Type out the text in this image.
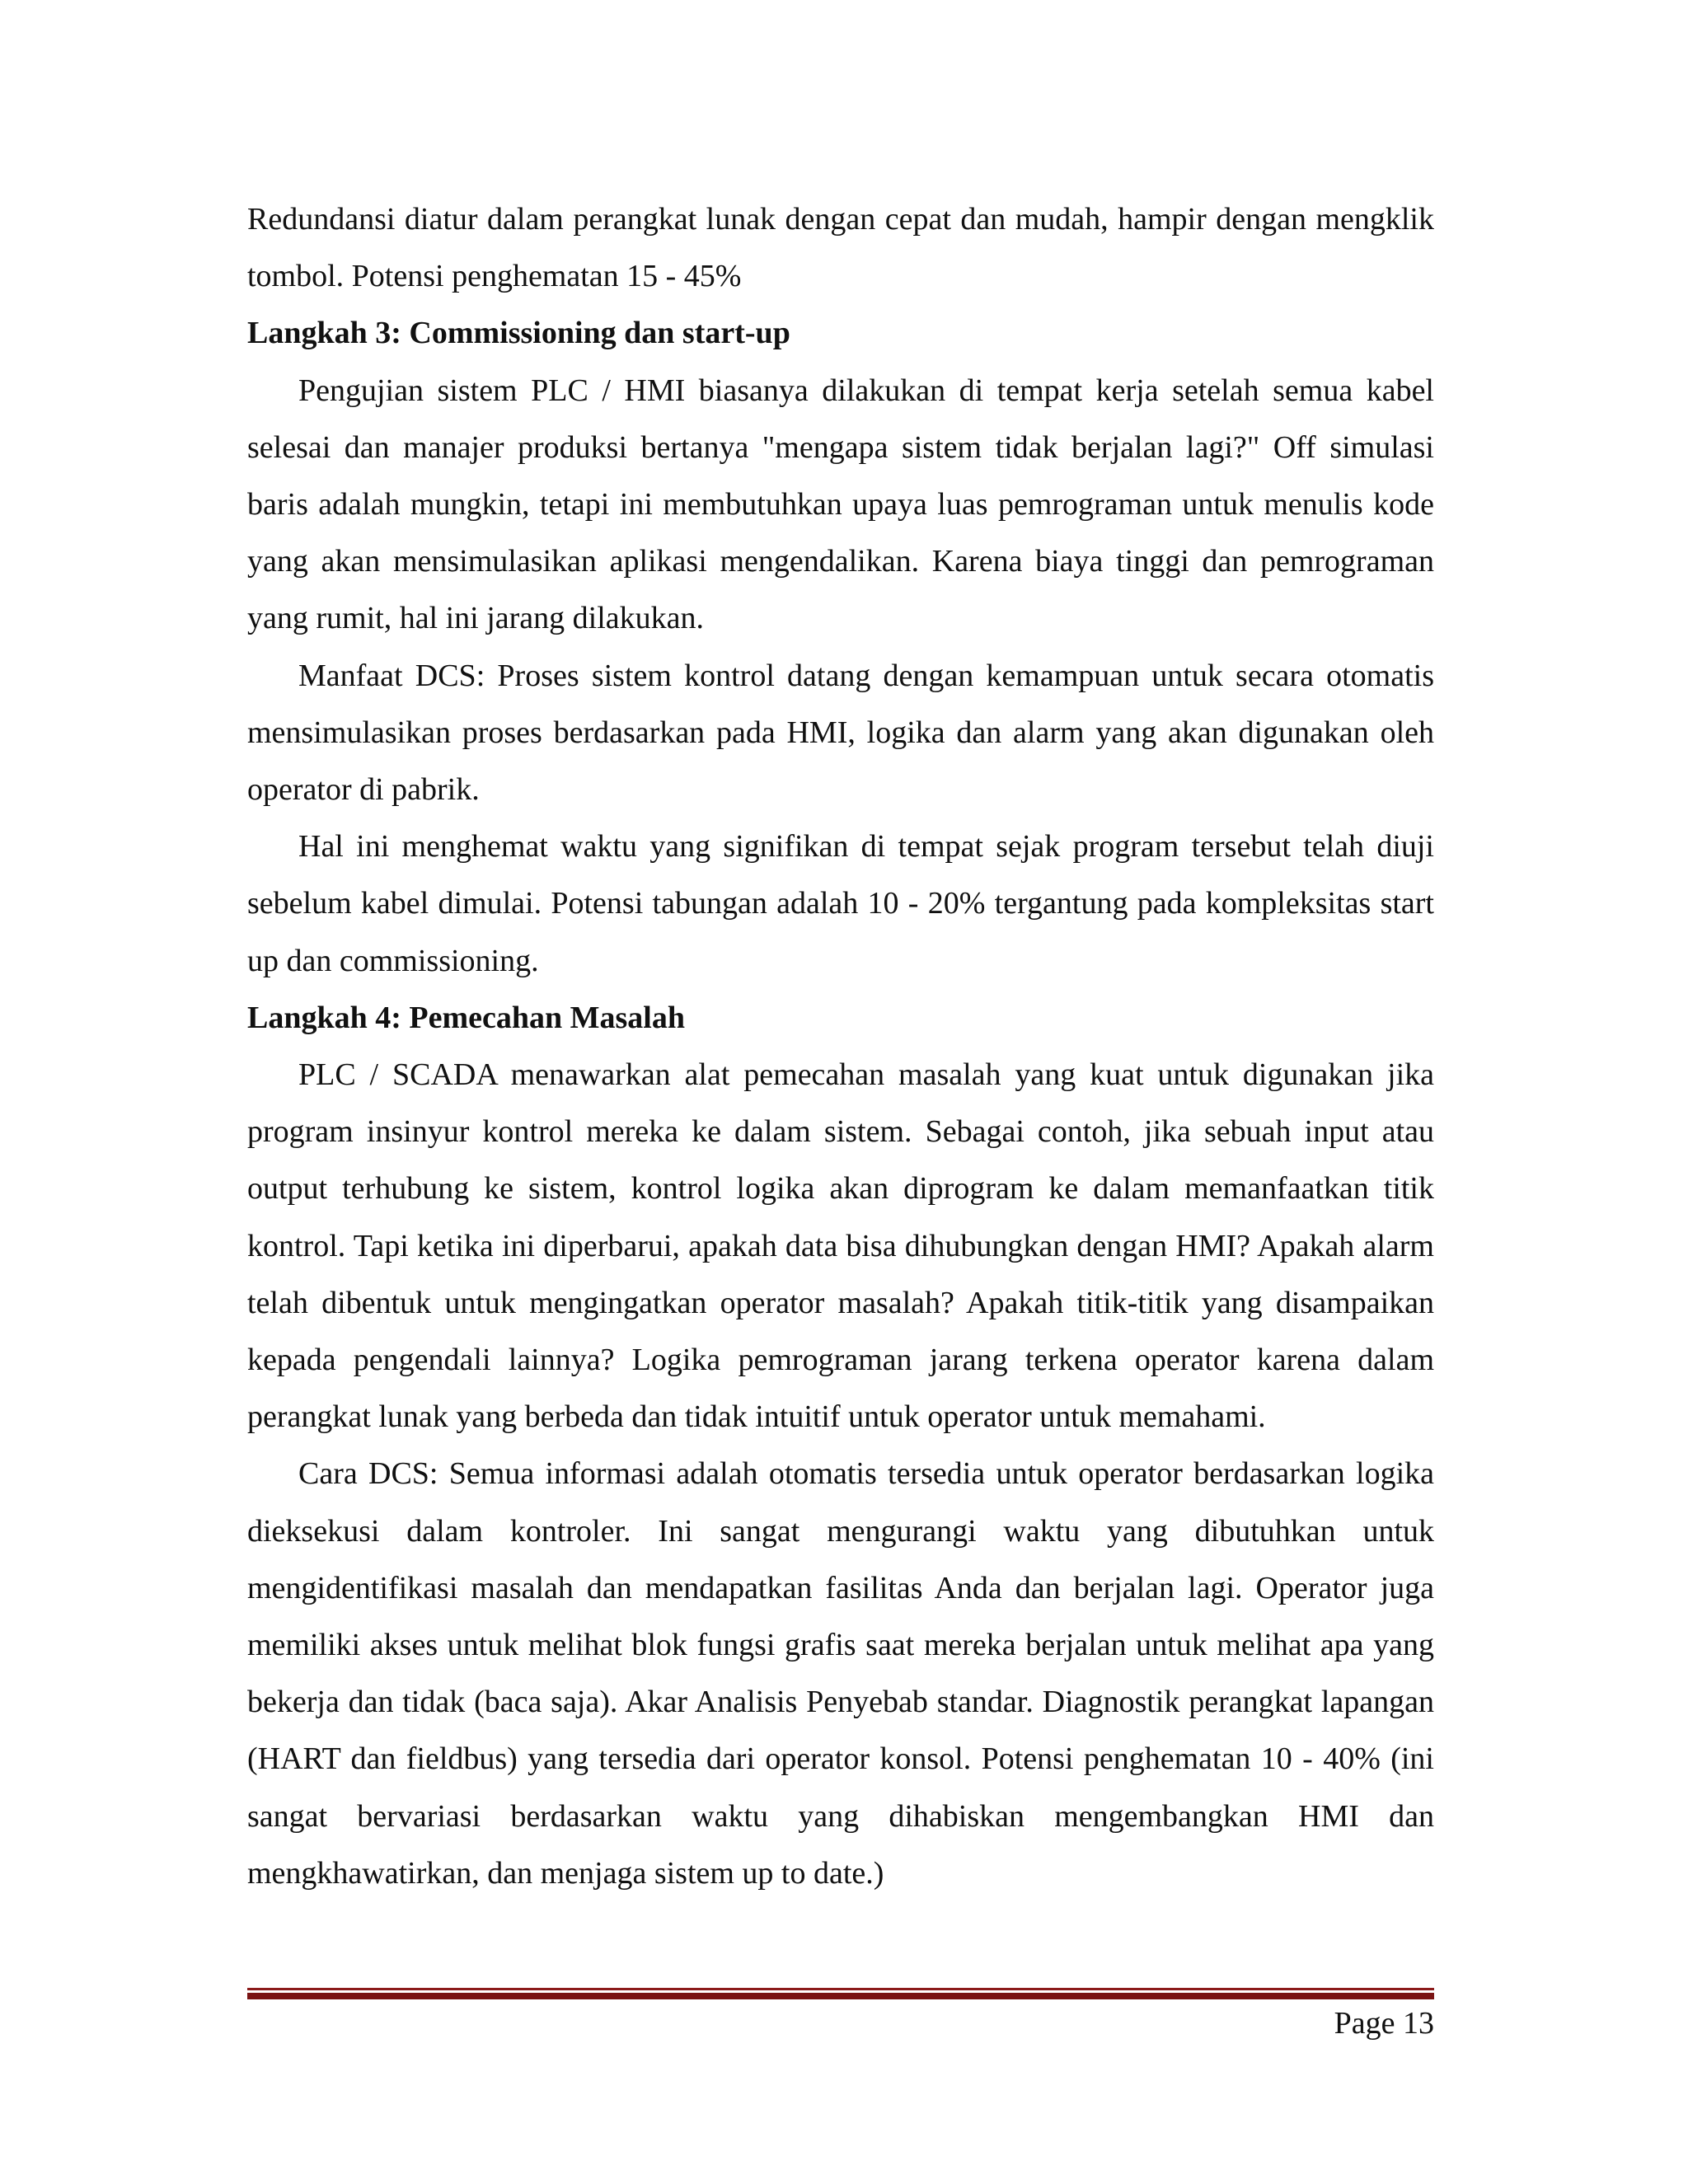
Redundansi diatur dalam perangkat lunak dengan cepat dan mudah, hampir dengan mengklik tombol. Potensi penghematan 15 - 45%

Langkah 3: Commissioning dan start-up

Pengujian sistem PLC / HMI biasanya dilakukan di tempat kerja setelah semua kabel selesai dan manajer produksi bertanya "mengapa sistem tidak berjalan lagi?" Off simulasi baris adalah mungkin, tetapi ini membutuhkan upaya luas pemrograman untuk menulis kode yang akan mensimulasikan aplikasi mengendalikan. Karena biaya tinggi dan pemrograman yang rumit, hal ini jarang dilakukan.

Manfaat DCS: Proses sistem kontrol datang dengan kemampuan untuk secara otomatis mensimulasikan proses berdasarkan pada HMI, logika dan alarm yang akan digunakan oleh operator di pabrik.

Hal ini menghemat waktu yang signifikan di tempat sejak program tersebut telah diuji sebelum kabel dimulai. Potensi tabungan adalah 10 - 20% tergantung pada kompleksitas start up dan commissioning.

Langkah 4: Pemecahan Masalah

PLC / SCADA menawarkan alat pemecahan masalah yang kuat untuk digunakan jika program insinyur kontrol mereka ke dalam sistem. Sebagai contoh, jika sebuah input atau output terhubung ke sistem, kontrol logika akan diprogram ke dalam memanfaatkan titik kontrol. Tapi ketika ini diperbarui, apakah data bisa dihubungkan dengan HMI? Apakah alarm telah dibentuk untuk mengingatkan operator masalah? Apakah titik-titik yang disampaikan kepada pengendali lainnya? Logika pemrograman jarang terkena operator karena dalam perangkat lunak yang berbeda dan tidak intuitif untuk operator untuk memahami.

Cara DCS: Semua informasi adalah otomatis tersedia untuk operator berdasarkan logika dieksekusi dalam kontroler. Ini sangat mengurangi waktu yang dibutuhkan untuk mengidentifikasi masalah dan mendapatkan fasilitas Anda dan berjalan lagi. Operator juga memiliki akses untuk melihat blok fungsi grafis saat mereka berjalan untuk melihat apa yang bekerja dan tidak (baca saja). Akar Analisis Penyebab standar. Diagnostik perangkat lapangan (HART dan fieldbus) yang tersedia dari operator konsol. Potensi penghematan 10 - 40% (ini sangat bervariasi berdasarkan waktu yang dihabiskan mengembangkan HMI dan mengkhawatirkan, dan menjaga sistem up to date.)

Page 13
